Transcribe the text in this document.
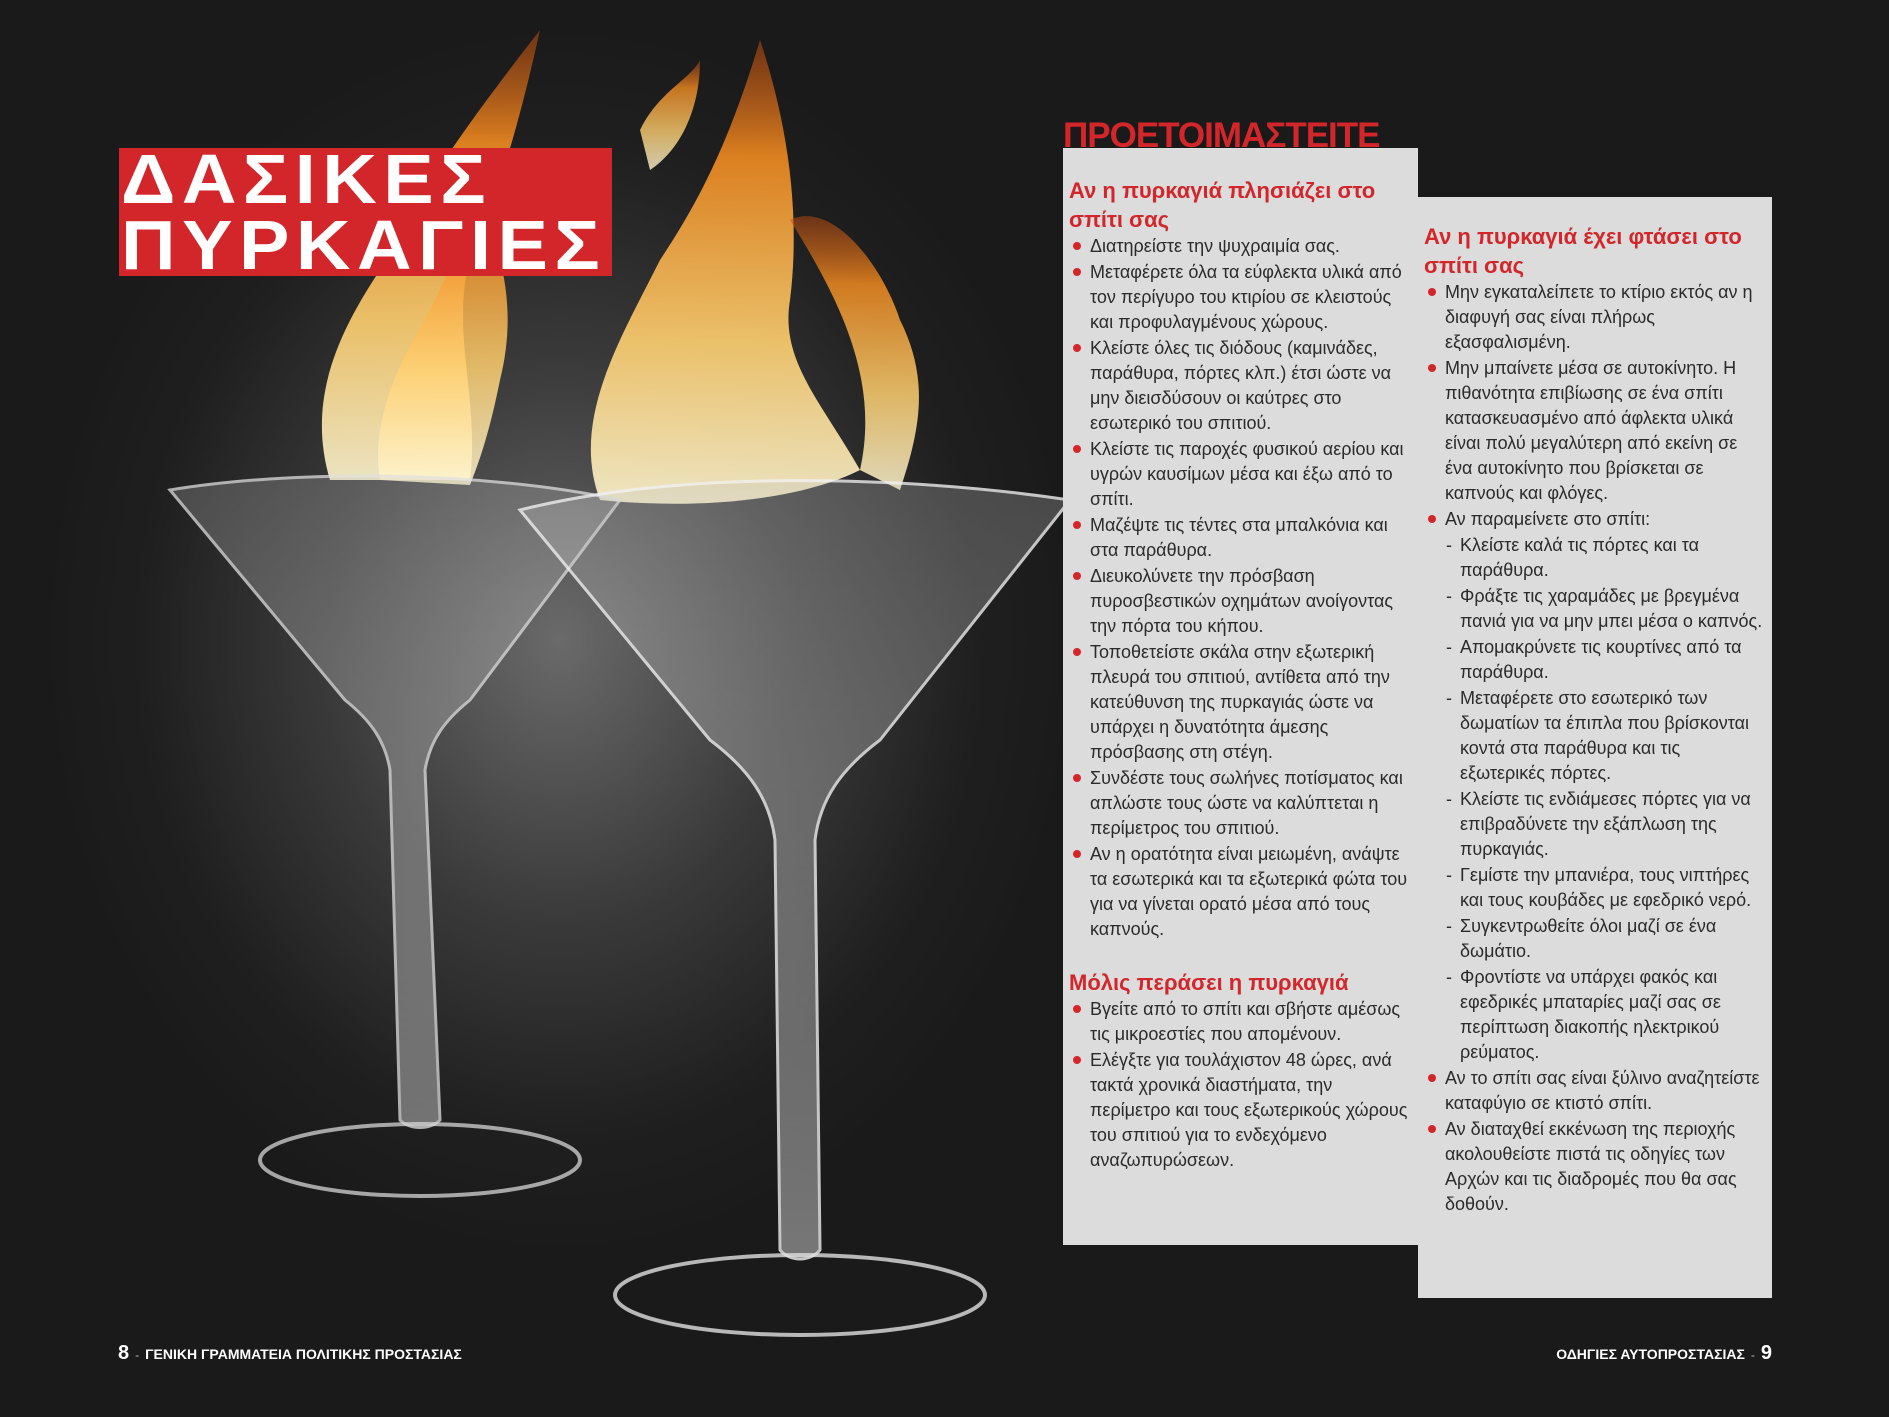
ΔΑΣΙΚΕΣ
ΠΥΡΚΑΓΙΕΣ
ΠΡΟΕΤΟΙΜΑΣΤΕΙΤΕ
Αν η πυρκαγιά πλησιάζει στο σπίτι σας
Διατηρείστε την ψυχραιμία σας.
Μεταφέρετε όλα τα εύφλεκτα υλικά από τον περίγυρο του κτιρίου σε κλειστούς και προφυλαγμένους χώρους.
Κλείστε όλες τις διόδους (καμινάδες, παράθυρα, πόρτες κλπ.) έτσι ώστε να μην διεισδύσουν οι καύτρες στο εσωτερικό του σπιτιού.
Κλείστε τις παροχές φυσικού αερίου και υγρών καυσίμων μέσα και έξω από το σπίτι.
Μαζέψτε τις τέντες στα μπαλκόνια και στα παράθυρα.
Διευκολύνετε την πρόσβαση πυροσβεστικών οχημάτων ανοίγοντας την πόρτα του κήπου.
Τοποθετείστε σκάλα στην εξωτερική πλευρά του σπιτιού, αντίθετα από την κατεύθυνση της πυρκαγιάς ώστε να υπάρχει η δυνατότητα άμεσης πρόσβασης στη στέγη.
Συνδέστε τους σωλήνες ποτίσματος και απλώστε τους ώστε να καλύπτεται η περίμετρος του σπιτιού.
Αν η ορατότητα είναι μειωμένη, ανάψτε τα εσωτερικά και τα εξωτερικά φώτα του για να γίνεται ορατό μέσα από τους καπνούς.
Μόλις περάσει η πυρκαγιά
Βγείτε από το σπίτι και σβήστε αμέσως τις μικροεστίες που απομένουν.
Ελέγξτε για τουλάχιστον 48 ώρες, ανά τακτά χρονικά διαστήματα, την περίμετρο και τους εξωτερικούς χώρους του σπιτιού για το ενδεχόμενο αναζωπυρώσεων.
Αν η πυρκαγιά έχει φτάσει στο σπίτι σας
Μην εγκαταλείπετε το κτίριο εκτός αν η διαφυγή σας είναι πλήρως εξασφαλισμένη.
Μην μπαίνετε μέσα σε αυτοκίνητο. Η πιθανότητα επιβίωσης σε ένα σπίτι κατασκευασμένο από άφλεκτα υλικά είναι πολύ μεγαλύτερη από εκείνη σε ένα αυτοκίνητο που βρίσκεται σε καπνούς και φλόγες.
Αν παραμείνετε στο σπίτι:
- Κλείστε καλά τις πόρτες και τα παράθυρα.
- Φράξτε τις χαραμάδες με βρεγμένα πανιά για να μην μπει μέσα ο καπνός.
- Απομακρύνετε τις κουρτίνες από τα παράθυρα.
- Μεταφέρετε στο εσωτερικό των δωματίων τα έπιπλα που βρίσκονται κοντά στα παράθυρα και τις εξωτερικές πόρτες.
- Κλείστε τις ενδιάμεσες πόρτες για να επιβραδύνετε την εξάπλωση της πυρκαγιάς.
- Γεμίστε την μπανιέρα, τους νιπτήρες και τους κουβάδες με εφεδρικό νερό.
- Συγκεντρωθείτε όλοι μαζί σε ένα δωμάτιο.
- Φροντίστε να υπάρχει φακός και εφεδρικές μπαταρίες μαζί σας σε περίπτωση διακοπής ηλεκτρικού ρεύματος.
Αν το σπίτι σας είναι ξύλινο αναζητείστε καταφύγιο σε κτιστό σπίτι.
Αν διαταχθεί εκκένωση της περιοχής ακολουθείστε πιστά τις οδηγίες των Αρχών και τις διαδρομές που θα σας δοθούν.
8 - ΓΕΝΙΚΗ ΓΡΑΜΜΑΤΕΙΑ ΠΟΛΙΤΙΚΗΣ ΠΡΟΣΤΑΣΙΑΣ	ΟΔΗΓΙΕΣ ΑΥΤΟΠΡΟΣΤΑΣΙΑΣ - 9
